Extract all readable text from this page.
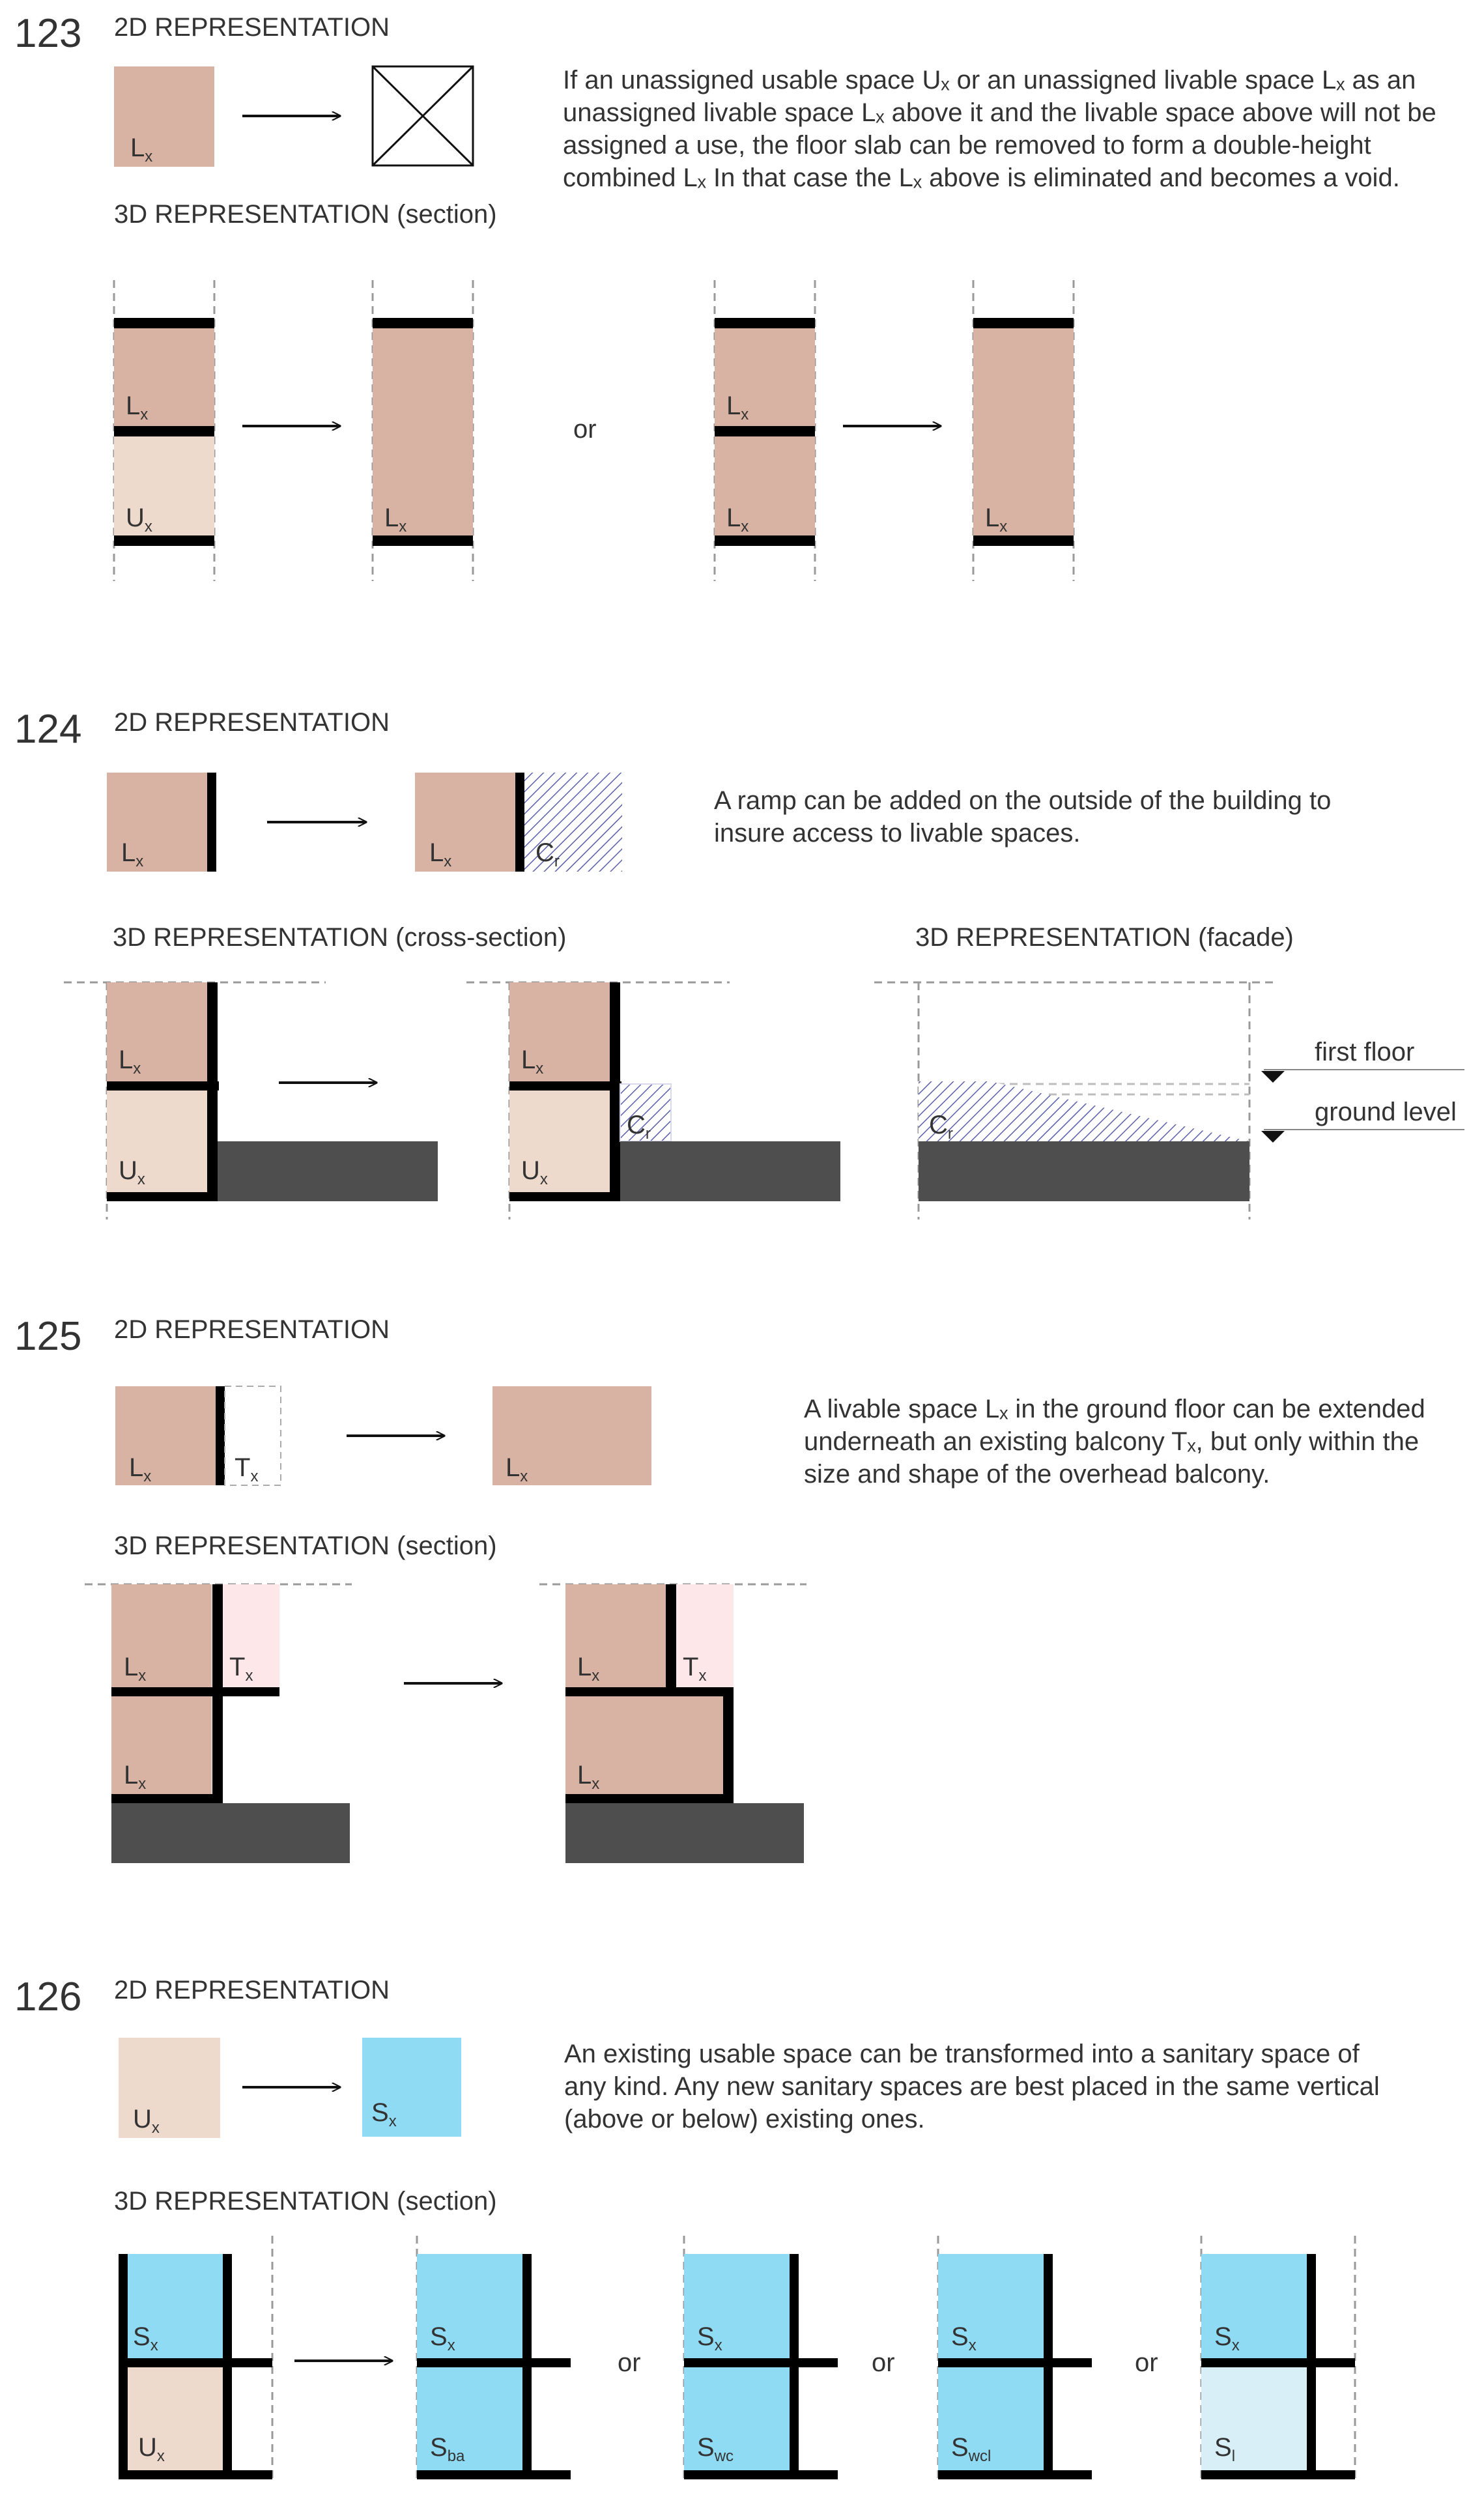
123 2D REPRESENTATION
$L_x$
If an unassigned usable space Uₓ or an unassigned livable space Lₓ as an
unassigned livable space Lₓ above it and the livable space above will not be
assigned a use, the floor slab can be removed to form a double-height
combined Lₓ In that case the Lₓ above is eliminated and becomes a void.
3D REPRESENTATION (section)
$L_x$
$U_x$	$L_x$
or
$L_x$
$L_x$	$L_x$
124 2D REPRESENTATION
$L_x$	$L_x$	$C_r$
A ramp can be added on the outside of the building to
insure access to livable spaces.
3D REPRESENTATION (cross-section)	3D REPRESENTATION (facade)
$L_x$
$U_x$
$L_x$
$U_x$
$C_r$	$C_r$
first floor
ground level
125 2D REPRESENTATION
$L_x$	$T_x$	$L_x$
A livable space Lₓ in the ground floor can be extended
underneath an existing balcony Tₓ, but only within the
size and shape of the overhead balcony.
3D REPRESENTATION (section)
$L_x$	$T_x$
$L_x$
$L_x$	$T_x$
$L_x$
126 2D REPRESENTATION
$U_x$
$S_x$
An existing usable space can be transformed into a sanitary space of
any kind. Any new sanitary spaces are best placed in the same vertical
(above or below) existing ones.
3D REPRESENTATION (section)
$S_x$
$U_x$
$S_x$
$S_{ba}$
or
$S_x$
$S_{wc}$
or
$S_x$
$S_{wcl}$
or
$S_x$
$S_l$
